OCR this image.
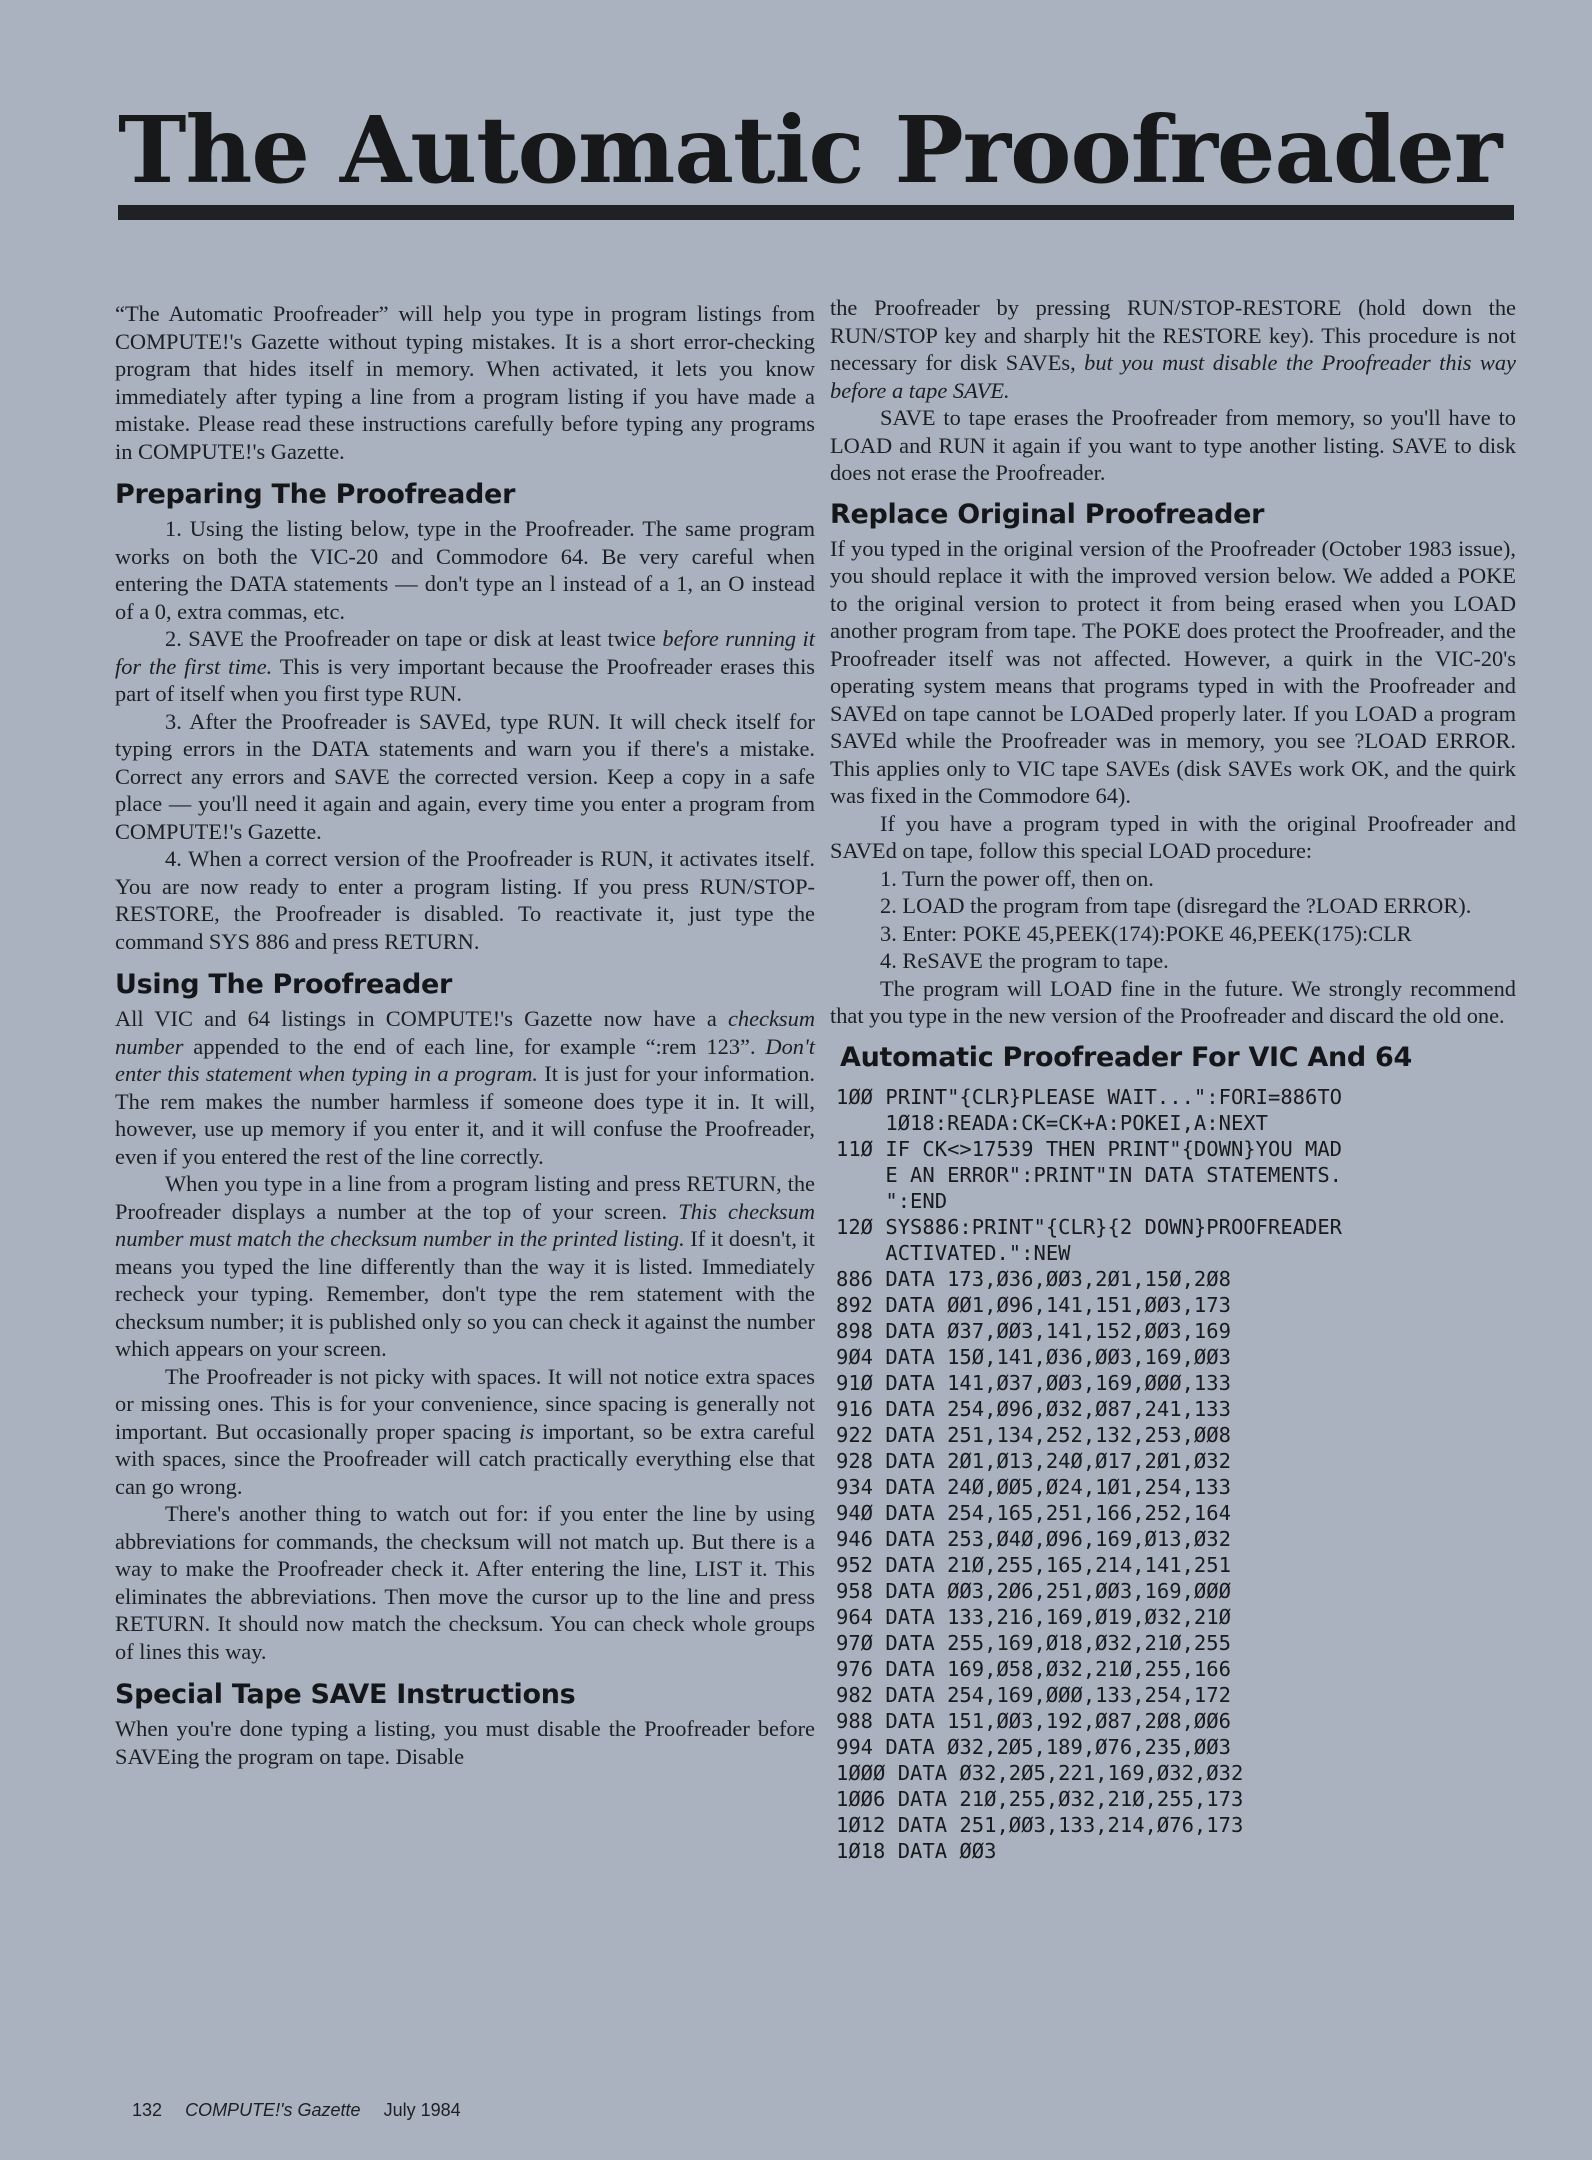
The Automatic Proofreader

“The Automatic Proofreader” will help you type in program listings from COMPUTE!'s Gazette without typing mistakes. It is a short error-checking program that hides itself in memory. When activated, it lets you know immediately after typing a line from a program listing if you have made a mistake. Please read these instructions carefully before typing any programs in COMPUTE!'s Gazette.

Preparing The Proofreader

1. Using the listing below, type in the Proofreader. The same program works on both the VIC-20 and Commodore 64. Be very careful when entering the DATA statements — don't type an l instead of a 1, an O instead of a 0, extra commas, etc.

2. SAVE the Proofreader on tape or disk at least twice before running it for the first time. This is very important because the Proofreader erases this part of itself when you first type RUN.

3. After the Proofreader is SAVEd, type RUN. It will check itself for typing errors in the DATA statements and warn you if there's a mistake. Correct any errors and SAVE the corrected version. Keep a copy in a safe place — you'll need it again and again, every time you enter a program from COMPUTE!'s Gazette.

4. When a correct version of the Proofreader is RUN, it activates itself. You are now ready to enter a program listing. If you press RUN/STOP-RESTORE, the Proofreader is disabled. To reactivate it, just type the command SYS 886 and press RETURN.

Using The Proofreader

All VIC and 64 listings in COMPUTE!'s Gazette now have a checksum number appended to the end of each line, for example “:rem 123”. Don't enter this statement when typing in a program. It is just for your information. The rem makes the number harmless if someone does type it in. It will, however, use up memory if you enter it, and it will confuse the Proofreader, even if you entered the rest of the line correctly.

When you type in a line from a program listing and press RETURN, the Proofreader displays a number at the top of your screen. This checksum number must match the checksum number in the printed listing. If it doesn't, it means you typed the line differently than the way it is listed. Immediately recheck your typing. Remember, don't type the rem statement with the checksum number; it is published only so you can check it against the number which appears on your screen.

The Proofreader is not picky with spaces. It will not notice extra spaces or missing ones. This is for your convenience, since spacing is generally not important. But occasionally proper spacing is important, so be extra careful with spaces, since the Proofreader will catch practically everything else that can go wrong.

There's another thing to watch out for: if you enter the line by using abbreviations for commands, the checksum will not match up. But there is a way to make the Proofreader check it. After entering the line, LIST it. This eliminates the abbreviations. Then move the cursor up to the line and press RETURN. It should now match the checksum. You can check whole groups of lines this way.

Special Tape SAVE Instructions

When you're done typing a listing, you must disable the Proofreader before SAVEing the program on tape. Disable

the Proofreader by pressing RUN/STOP-RESTORE (hold down the RUN/STOP key and sharply hit the RESTORE key). This procedure is not necessary for disk SAVEs, but you must disable the Proofreader this way before a tape SAVE.

SAVE to tape erases the Proofreader from memory, so you'll have to LOAD and RUN it again if you want to type another listing. SAVE to disk does not erase the Proofreader.

Replace Original Proofreader

If you typed in the original version of the Proofreader (October 1983 issue), you should replace it with the improved version below. We added a POKE to the original version to protect it from being erased when you LOAD another program from tape. The POKE does protect the Proofreader, and the Proofreader itself was not affected. However, a quirk in the VIC-20's operating system means that programs typed in with the Proofreader and SAVEd on tape cannot be LOADed properly later. If you LOAD a program SAVEd while the Proofreader was in memory, you see ?LOAD ERROR. This applies only to VIC tape SAVEs (disk SAVEs work OK, and the quirk was fixed in the Commodore 64).

If you have a program typed in with the original Proofreader and SAVEd on tape, follow this special LOAD procedure:

1. Turn the power off, then on.

2. LOAD the program from tape (disregard the ?LOAD ERROR).

3. Enter: POKE 45,PEEK(174):POKE 46,PEEK(175):CLR

4. ReSAVE the program to tape.

The program will LOAD fine in the future. We strongly recommend that you type in the new version of the Proofreader and discard the old one.

Automatic Proofreader For VIC And 64
1ØØ PRINT"{CLR}PLEASE WAIT...":FORI=886TO
1Ø18:READA:CK=CK+A:POKEI,A:NEXT
11Ø IF CK<>17539 THEN PRINT"{DOWN}YOU MAD
E AN ERROR":PRINT"IN DATA STATEMENTS.
":END
12Ø SYS886:PRINT"{CLR}{2 DOWN}PROOFREADER
ACTIVATED.":NEW
886 DATA 173,Ø36,ØØ3,2Ø1,15Ø,2Ø8
892 DATA ØØ1,Ø96,141,151,ØØ3,173
898 DATA Ø37,ØØ3,141,152,ØØ3,169
9Ø4 DATA 15Ø,141,Ø36,ØØ3,169,ØØ3
91Ø DATA 141,Ø37,ØØ3,169,ØØØ,133
916 DATA 254,Ø96,Ø32,Ø87,241,133
922 DATA 251,134,252,132,253,ØØ8
928 DATA 2Ø1,Ø13,24Ø,Ø17,2Ø1,Ø32
934 DATA 24Ø,ØØ5,Ø24,1Ø1,254,133
94Ø DATA 254,165,251,166,252,164
946 DATA 253,Ø4Ø,Ø96,169,Ø13,Ø32
952 DATA 21Ø,255,165,214,141,251
958 DATA ØØ3,2Ø6,251,ØØ3,169,ØØØ
964 DATA 133,216,169,Ø19,Ø32,21Ø
97Ø DATA 255,169,Ø18,Ø32,21Ø,255
976 DATA 169,Ø58,Ø32,21Ø,255,166
982 DATA 254,169,ØØØ,133,254,172
988 DATA 151,ØØ3,192,Ø87,2Ø8,ØØ6
994 DATA Ø32,2Ø5,189,Ø76,235,ØØ3
1ØØØ DATA Ø32,2Ø5,221,169,Ø32,Ø32
1ØØ6 DATA 21Ø,255,Ø32,21Ø,255,173
1Ø12 DATA 251,ØØ3,133,214,Ø76,173
1Ø18 DATA ØØ3
132 COMPUTE!'s Gazette July 1984
